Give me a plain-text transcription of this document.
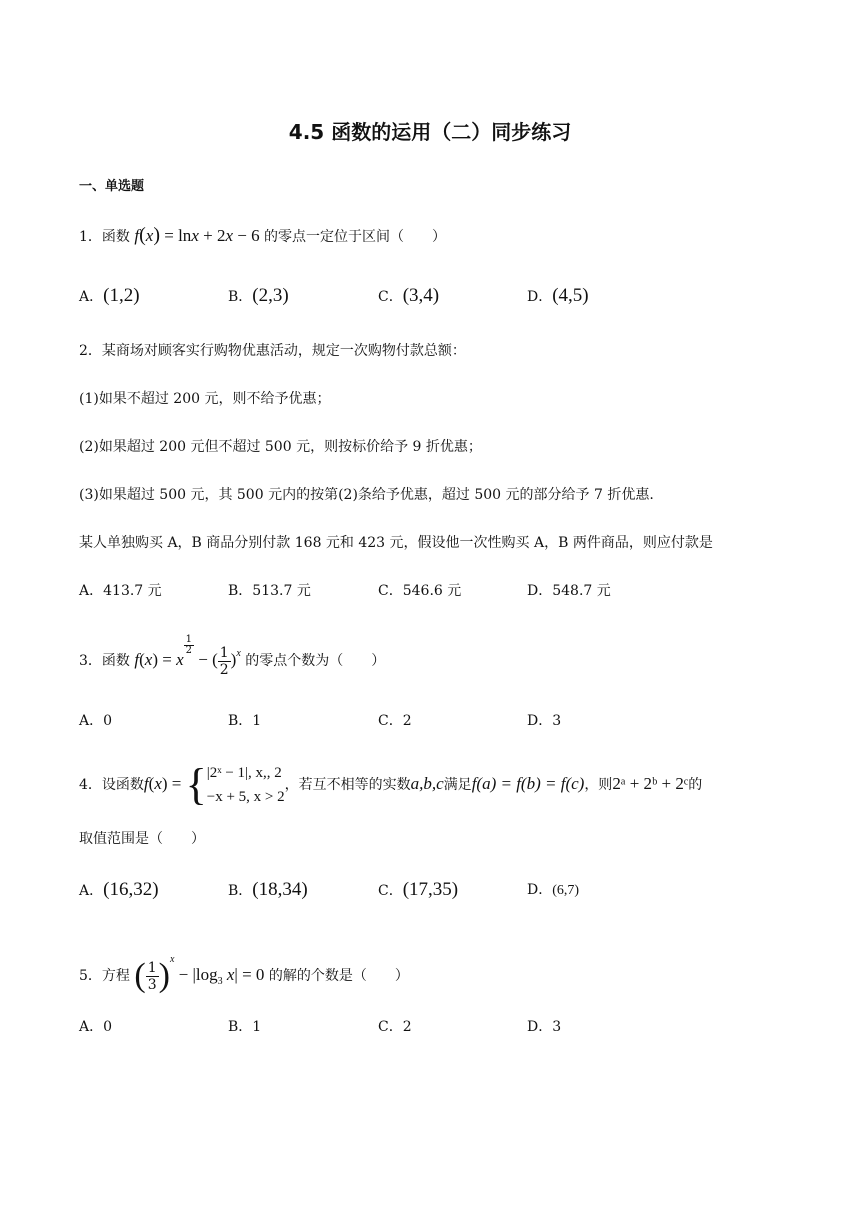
4.5 函数的运用（二）同步练习
一、单选题
1．函数 f(x) = lnx + 2x − 6 的零点一定位于区间（　　）
A．(1,2)	B．(2,3)	C．(3,4)	D．(4,5)
2．某商场对顾客实行购物优惠活动，规定一次购物付款总额：
(1)如果不超过 200 元，则不给予优惠；
(2)如果超过 200 元但不超过 500 元，则按标价给予 9 折优惠；
(3)如果超过 500 元，其 500 元内的按第(2)条给予优惠，超过 500 元的部分给予 7 折优惠.
某人单独购买 A，B 商品分别付款 168 元和 423 元，假设他一次性购买 A，B 两件商品，则应付款是
A．413.7 元	B．513.7 元	C．546.6 元	D．548.7 元
3．函数 f(x) = x
$\frac{1}{2}$
− ( $\frac{1}{2} )^x$ 的零点个数为（　　）
A．0	B．1	C．2	D．3
4．设函数f(x) = { |2ˣ − 1|, x,, 2
−x + 5, x > 2
，若互不相等的实数a,b,c满足f(a) = f(b) = f(c)，则2ᵃ + 2ᵇ + 2ᶜ的
取值范围是（　　）
A．(16,32)	B．(18,34)	C．(17,35)	D．(6,7)
5．方程 ( $\frac{1}{3} )^x - |\log_3$ x| = 0 的解的个数是（　　）
A．0	B．1	C．2	D．3
